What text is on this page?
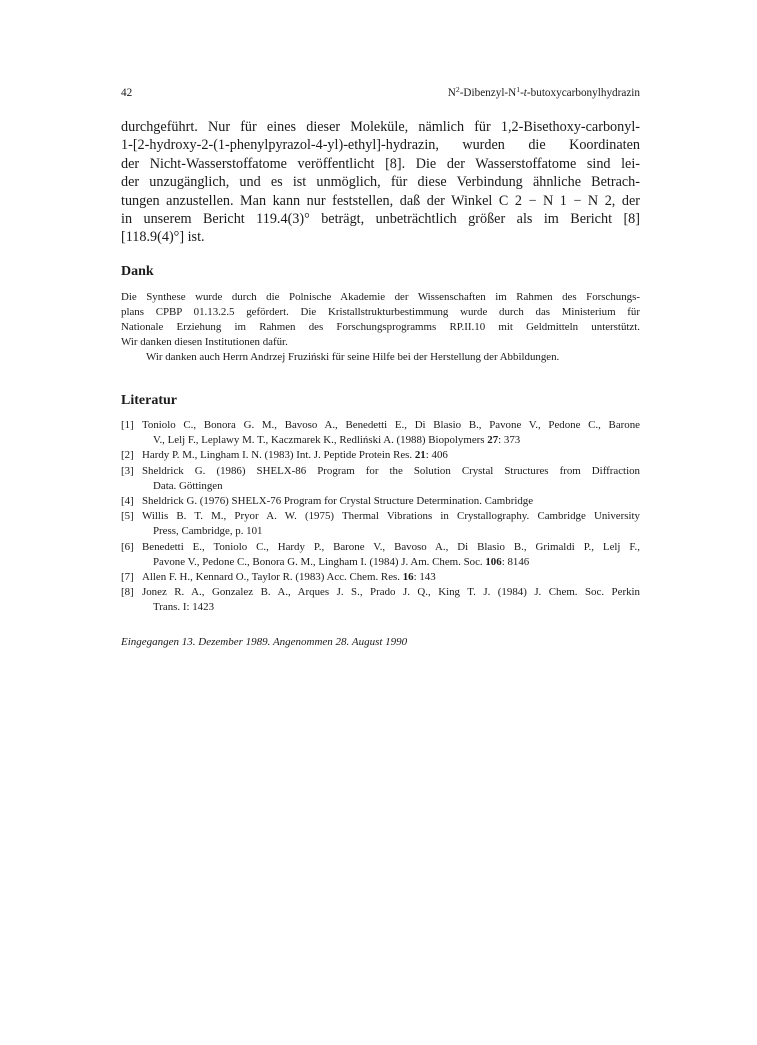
42	$N^2-Dibenzyl-N^1-t$-butoxycarbonylhydrazin
durchgeführt. Nur für eines dieser Moleküle, nämlich für 1,2-Bisethoxy-carbonyl-
1-[2-hydroxy-2-(1-phenylpyrazol-4-yl)-ethyl]-hydrazin, wurden die Koordinaten
der Nicht-Wasserstoffatome veröffentlicht [8]. Die der Wasserstoffatome sind lei-
der unzugänglich, und es ist unmöglich, für diese Verbindung ähnliche Betrach-
tungen anzustellen. Man kann nur feststellen, daß der Winkel C 2 − N 1 − N 2, der
in unserem Bericht 119.4(3)° beträgt, unbeträchtlich größer als im Bericht [8]
[118.9(4)°] ist.
Dank
Die Synthese wurde durch die Polnische Akademie der Wissenschaften im Rahmen des Forschungs-
plans CPBP 01.13.2.5 gefördert. Die Kristallstrukturbestimmung wurde durch das Ministerium für
Nationale Erziehung im Rahmen des Forschungsprogramms RP.II.10 mit Geldmitteln unterstützt.
Wir danken diesen Institutionen dafür.
Wir danken auch Herrn Andrzej Fruziński für seine Hilfe bei der Herstellung der Abbildungen.
Literatur
[1] Toniolo C., Bonora G. M., Bavoso A., Benedetti E., Di Blasio B., Pavone V., Pedone C., Barone
V., Lelj F., Leplawy M. T., Kaczmarek K., Redliński A. (1988) Biopolymers 27: 373
[2] Hardy P. M., Lingham I. N. (1983) Int. J. Peptide Protein Res. 21: 406
[3] Sheldrick G. (1986) SHELX-86 Program for the Solution Crystal Structures from Diffraction
Data. Göttingen
[4] Sheldrick G. (1976) SHELX-76 Program for Crystal Structure Determination. Cambridge
[5] Willis B. T. M., Pryor A. W. (1975) Thermal Vibrations in Crystallography. Cambridge University
Press, Cambridge, p. 101
[6] Benedetti E., Toniolo C., Hardy P., Barone V., Bavoso A., Di Blasio B., Grimaldi P., Lelj F.,
Pavone V., Pedone C., Bonora G. M., Lingham I. (1984) J. Am. Chem. Soc. 106: 8146
[7] Allen F. H., Kennard O., Taylor R. (1983) Acc. Chem. Res. 16: 143
[8] Jonez R. A., Gonzalez B. A., Arques J. S., Prado J. Q., King T. J. (1984) J. Chem. Soc. Perkin
Trans. I: 1423
Eingegangen 13. Dezember 1989. Angenommen 28. August 1990
